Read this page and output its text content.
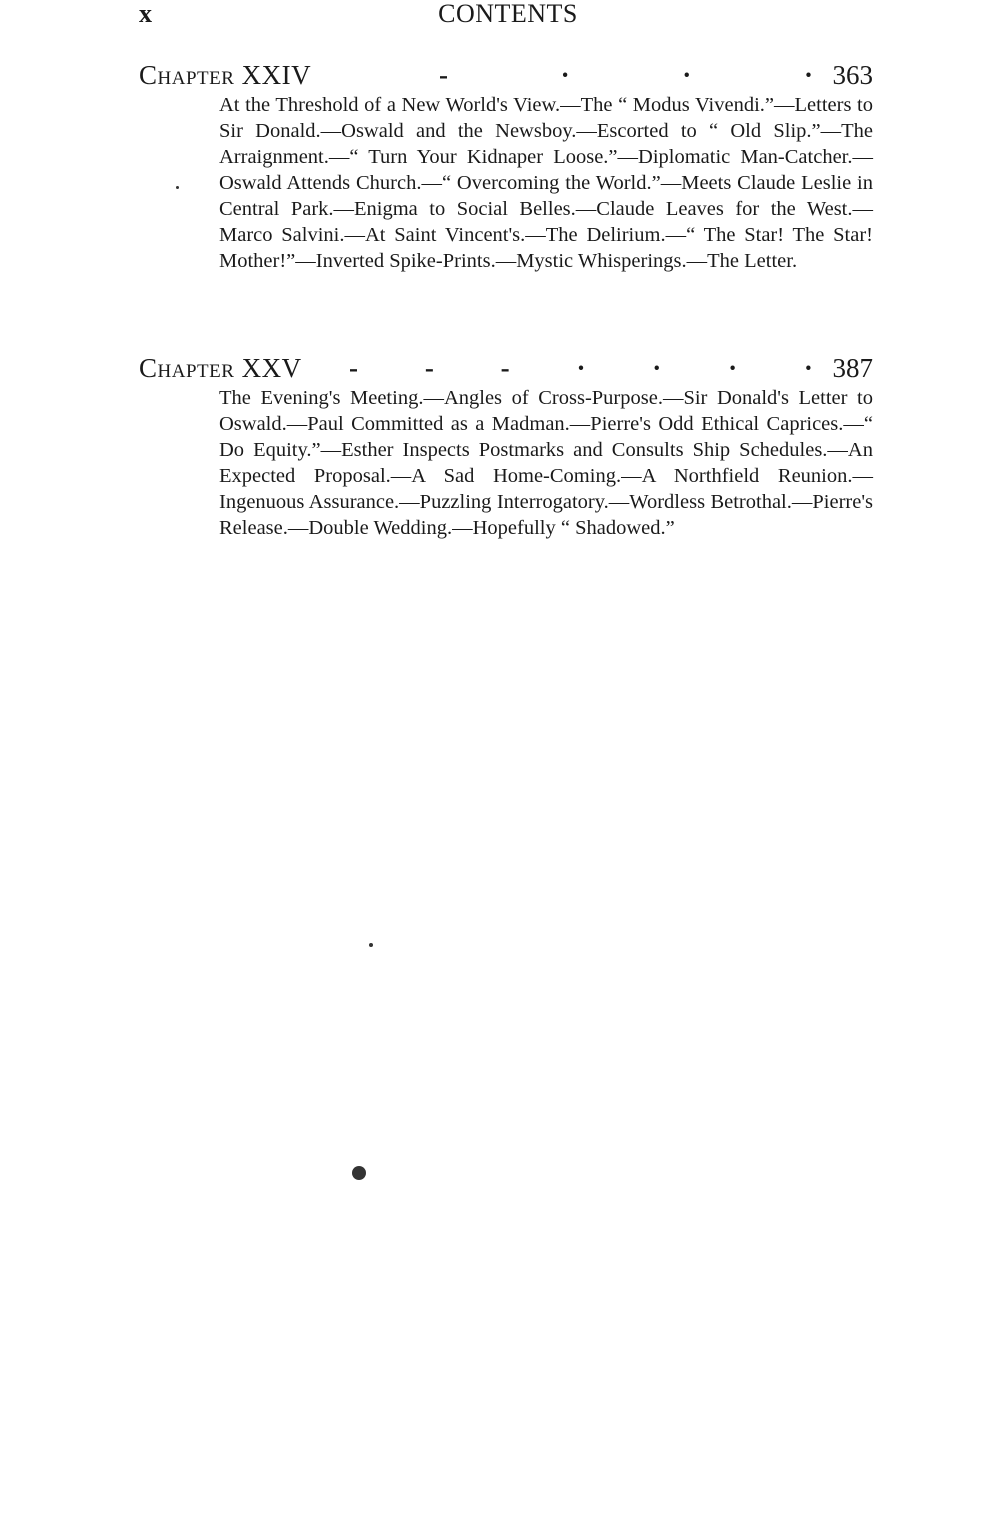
x	CONTENTS
Chapter XXIV	-	·	·	· 363

At the Threshold of a New World's View.—The “ Modus Vivendi.”—Letters to Sir Donald.—Oswald and the Newsboy.—Escorted to “ Old Slip.”—The Arraignment.—“ Turn Your Kidnaper Loose.”—Diplomatic Man-Catcher.—Oswald Attends Church.—“ Overcoming the World.”—Meets Claude Leslie in Central Park.—Enigma to Social Belles.—Claude Leaves for the West.—Marco Salvini.—At Saint Vincent's.—The Delirium.—“ The Star! The Star! Mother!”—Inverted Spike-Prints.—Mystic Whisperings.—The Letter.

Chapter XXV - - - · · · · 387

The Evening's Meeting.—Angles of Cross-Purpose.—Sir Donald's Letter to Oswald.—Paul Committed as a Madman.—Pierre's Odd Ethical Caprices.—“ Do Equity.”—Esther Inspects Postmarks and Consults Ship Schedules.—An Expected Proposal.—A Sad Home-Coming.—A Northfield Reunion.—Ingenuous Assurance.—Puzzling Interrogatory.—Wordless Betrothal.—Pierre's Release.—Double Wedding.—Hopefully “ Shadowed.”
